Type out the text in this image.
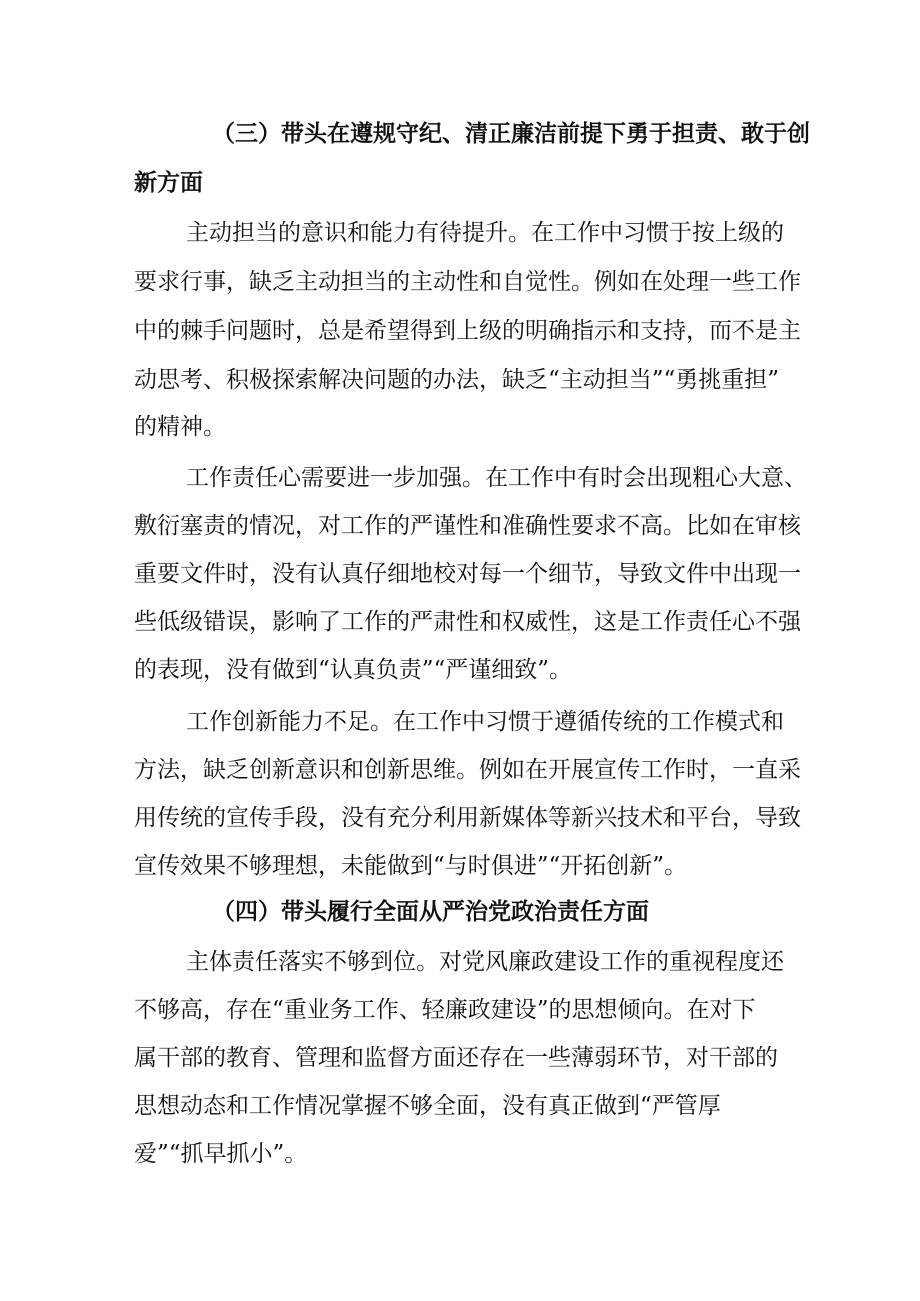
（三）带头在遵规守纪、清正廉洁前提下勇于担责、敢于创
新方面
主动担当的意识和能力有待提升。在工作中习惯于按上级的
要求行事，缺乏主动担当的主动性和自觉性。例如在处理一些工作
中的棘手问题时，总是希望得到上级的明确指示和支持，而不是主
动思考、积极探索解决问题的办法，缺乏“主动担当”“勇挑重担”
的精神。
工作责任心需要进一步加强。在工作中有时会出现粗心大意、
敷衍塞责的情况，对工作的严谨性和准确性要求不高。比如在审核
重要文件时，没有认真仔细地校对每一个细节，导致文件中出现一
些低级错误，影响了工作的严肃性和权威性，这是工作责任心不强
的表现，没有做到“认真负责”“严谨细致”。
工作创新能力不足。在工作中习惯于遵循传统的工作模式和
方法，缺乏创新意识和创新思维。例如在开展宣传工作时，一直采
用传统的宣传手段，没有充分利用新媒体等新兴技术和平台，导致
宣传效果不够理想，未能做到“与时俱进”“开拓创新”。
（四）带头履行全面从严治党政治责任方面
主体责任落实不够到位。对党风廉政建设工作的重视程度还
不够高，存在“重业务工作、轻廉政建设”的思想倾向。在对下
属干部的教育、管理和监督方面还存在一些薄弱环节，对干部的
思想动态和工作情况掌握不够全面，没有真正做到“严管厚
爱”“抓早抓小”。
